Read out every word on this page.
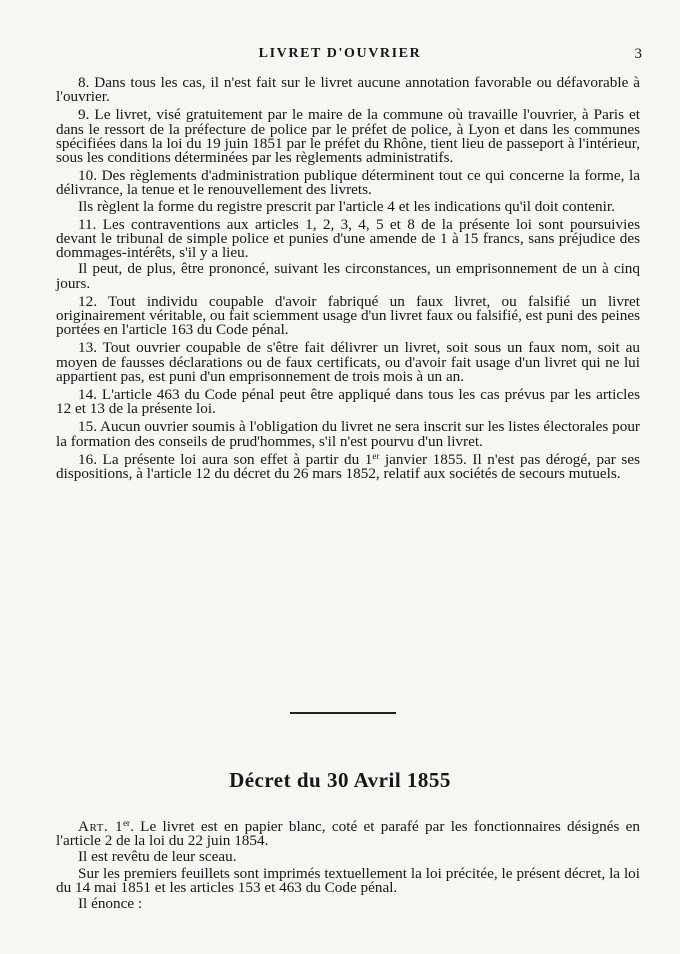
LIVRET D'OUVRIER	3

8. Dans tous les cas, il n'est fait sur le livret aucune annotation favorable ou défavorable à l'ouvrier.

9. Le livret, visé gratuitement par le maire de la commune où travaille l'ouvrier, à Paris et dans le ressort de la préfecture de police par le préfet de police, à Lyon et dans les communes spécifiées dans la loi du 19 juin 1851 par le préfet du Rhône, tient lieu de passeport à l'intérieur, sous les conditions déterminées par les règlements administratifs.

10. Des règlements d'administration publique déterminent tout ce qui concerne la forme, la délivrance, la tenue et le renouvellement des livrets.

Ils règlent la forme du registre prescrit par l'article 4 et les indications qu'il doit contenir.

11. Les contraventions aux articles 1, 2, 3, 4, 5 et 8 de la présente loi sont poursuivies devant le tribunal de simple police et punies d'une amende de 1 à 15 francs, sans préjudice des dommages-intérêts, s'il y a lieu.

Il peut, de plus, être prononcé, suivant les circonstances, un emprisonnement de un à cinq jours.

12. Tout individu coupable d'avoir fabriqué un faux livret, ou falsifié un livret originairement véritable, ou fait sciemment usage d'un livret faux ou falsifié, est puni des peines portées en l'article 163 du Code pénal.

13. Tout ouvrier coupable de s'être fait délivrer un livret, soit sous un faux nom, soit au moyen de fausses déclarations ou de faux certificats, ou d'avoir fait usage d'un livret qui ne lui appartient pas, est puni d'un emprisonnement de trois mois à un an.

14. L'article 463 du Code pénal peut être appliqué dans tous les cas prévus par les articles 12 et 13 de la présente loi.

15. Aucun ouvrier soumis à l'obligation du livret ne sera inscrit sur les listes électorales pour la formation des conseils de prud'hommes, s'il n'est pourvu d'un livret.

16. La présente loi aura son effet à partir du 1er janvier 1855. Il n'est pas dérogé, par ses dispositions, à l'article 12 du décret du 26 mars 1852, relatif aux sociétés de secours mutuels.

Décret du 30 Avril 1855

Art. 1er. Le livret est en papier blanc, coté et parafé par les fonctionnaires désignés en l'article 2 de la loi du 22 juin 1854.

Il est revêtu de leur sceau.

Sur les premiers feuillets sont imprimés textuellement la loi précitée, le présent décret, la loi du 14 mai 1851 et les articles 153 et 463 du Code pénal.

Il énonce :
